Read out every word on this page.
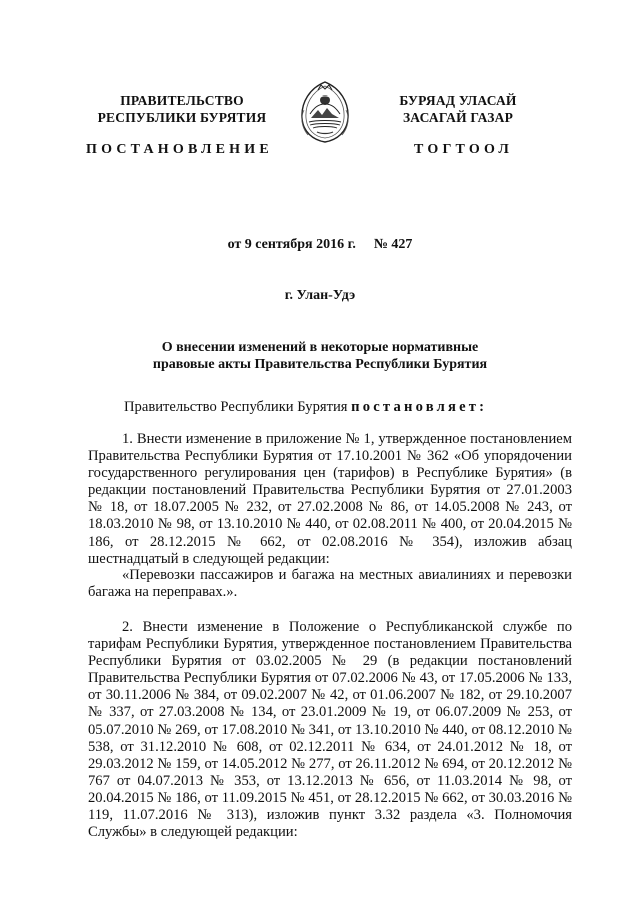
ПРАВИТЕЛЬСТВО
РЕСПУБЛИКИ БУРЯТИЯ
БУРЯАД УЛАСАЙ
ЗАСАГАЙ ГАЗАР
ПОСТАНОВЛЕНИЕ	ТОГТООЛ
от 9 сентября 2016 г. № 427
г. Улан-Удэ
О внесении изменений в некоторые нормативные
правовые акты Правительства Республики Бурятия
Правительство Республики Бурятия постановляет:
1. Внести изменение в приложение № 1, утвержденное постановлением Правительства Республики Бурятия от 17.10.2001 № 362 «Об упорядочении государственного регулирования цен (тарифов) в Республике Бурятия» (в редакции постановлений Правительства Республики Бурятия от 27.01.2003 № 18, от 18.07.2005 № 232, от 27.02.2008 № 86, от 14.05.2008 № 243, от 18.03.2010 № 98, от 13.10.2010 № 440, от 02.08.2011 № 400, от 20.04.2015 № 186, от 28.12.2015 № 662, от 02.08.2016 № 354), изложив абзац шестнадцатый в следующей редакции:
«Перевозки пассажиров и багажа на местных авиалиниях и перевозки багажа на переправах.».
2. Внести изменение в Положение о Республиканской службе по тарифам Республики Бурятия, утвержденное постановлением Правительства Республики Бурятия от 03.02.2005 № 29 (в редакции постановлений Правительства Республики Бурятия от 07.02.2006 № 43, от 17.05.2006 № 133, от 30.11.2006 № 384, от 09.02.2007 № 42, от 01.06.2007 № 182, от 29.10.2007 № 337, от 27.03.2008 № 134, от 23.01.2009 № 19, от 06.07.2009 № 253, от 05.07.2010 № 269, от 17.08.2010 № 341, от 13.10.2010 № 440, от 08.12.2010 № 538, от 31.12.2010 № 608, от 02.12.2011 № 634, от 24.01.2012 № 18, от 29.03.2012 № 159, от 14.05.2012 № 277, от 26.11.2012 № 694, от 20.12.2012 № 767 от 04.07.2013 № 353, от 13.12.2013 № 656, от 11.03.2014 № 98, от 20.04.2015 № 186, от 11.09.2015 № 451, от 28.12.2015 № 662, от 30.03.2016 № 119, 11.07.2016 № 313), изложив пункт 3.32 раздела «3. Полномочия Службы» в следующей редакции:
